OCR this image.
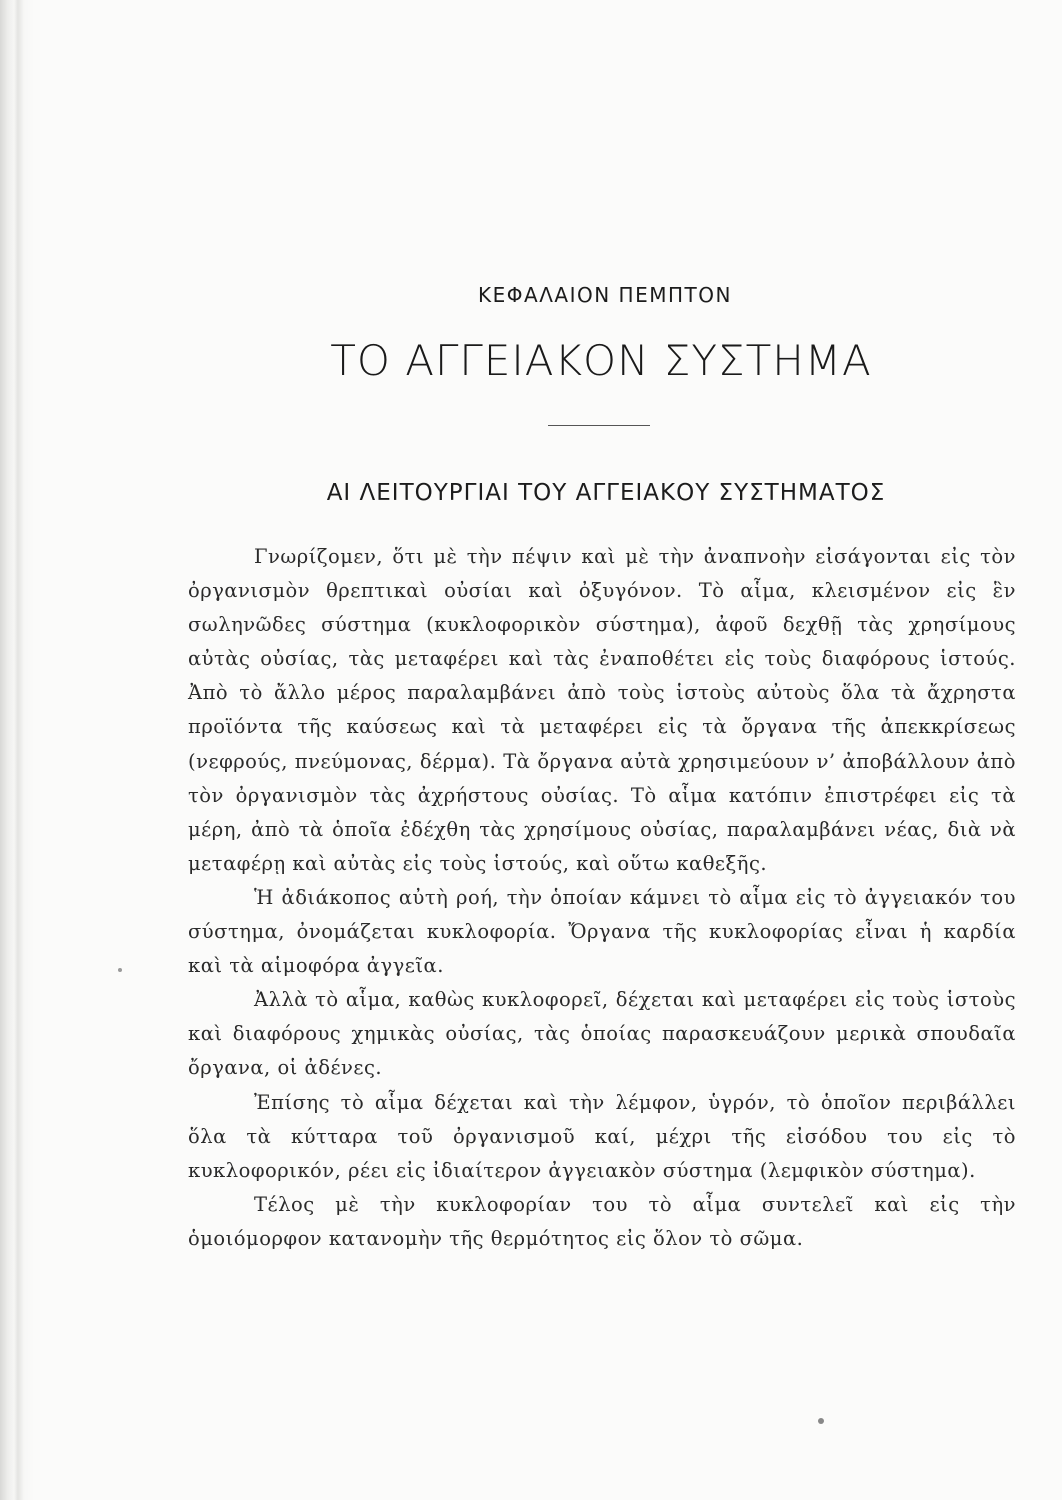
ΚΕΦΑΛΑΙΟΝ ΠΕΜΠΤΟΝ
ΤΟ ΑΓΓΕΙΑΚΟΝ ΣΥΣΤΗΜΑ
ΑΙ ΛΕΙΤΟΥΡΓΙΑΙ ΤΟΥ ΑΓΓΕΙΑΚΟΥ ΣΥΣΤΗΜΑΤΟΣ

Γνωρίζομεν, ὅτι μὲ τὴν πέψιν καὶ μὲ τὴν ἀναπνοὴν εἰσάγονται εἰς τὸν ὀργανισμὸν θρεπτικαὶ οὐσίαι καὶ ὀξυγόνον. Τὸ αἷμα, κλεισμένον εἰς ἓν σωληνῶδες σύστημα (κυκλοφορικὸν σύστημα), ἀφοῦ δεχθῇ τὰς χρησίμους αὐτὰς οὐσίας, τὰς μεταφέρει καὶ τὰς ἐναποθέτει εἰς τοὺς διαφόρους ἱστούς. Ἀπὸ τὸ ἄλλο μέρος παραλαμβάνει ἀπὸ τοὺς ἱστοὺς αὐτοὺς ὅλα τὰ ἄχρηστα προϊόντα τῆς καύσεως καὶ τὰ μεταφέρει εἰς τὰ ὄργανα τῆς ἀπεκκρίσεως (νεφρούς, πνεύμονας, δέρμα). Τὰ ὄργανα αὐτὰ χρησιμεύουν ν’ ἀποβάλλουν ἀπὸ τὸν ὀργανισμὸν τὰς ἀχρήστους οὐσίας. Τὸ αἷμα κατόπιν ἐπιστρέφει εἰς τὰ μέρη, ἀπὸ τὰ ὁποῖα ἐδέχθη τὰς χρησίμους οὐσίας, παραλαμβάνει νέας, διὰ νὰ μεταφέρῃ καὶ αὐτὰς εἰς τοὺς ἱστούς, καὶ οὕτω καθεξῆς.

Ἡ ἀδιάκοπος αὐτὴ ροή, τὴν ὁποίαν κάμνει τὸ αἷμα εἰς τὸ ἀγγειακόν του σύστημα, ὀνομάζεται κυκλοφορία. Ὄργανα τῆς κυκλοφορίας εἶναι ἡ καρδία καὶ τὰ αἱμοφόρα ἀγγεῖα.

Ἀλλὰ τὸ αἷμα, καθὼς κυκλοφορεῖ, δέχεται καὶ μεταφέρει εἰς τοὺς ἱστοὺς καὶ διαφόρους χημικὰς οὐσίας, τὰς ὁποίας παρασκευάζουν μερικὰ σπουδαῖα ὄργανα, οἱ ἀδένες.

Ἐπίσης τὸ αἷμα δέχεται καὶ τὴν λέμφον, ὑγρόν, τὸ ὁποῖον περιβάλλει ὅλα τὰ κύτταρα τοῦ ὀργανισμοῦ καί, μέχρι τῆς εἰσόδου του εἰς τὸ κυκλοφορικόν, ρέει εἰς ἰδιαίτερον ἀγγειακὸν σύστημα (λεμφικὸν σύστημα).

Τέλος μὲ τὴν κυκλοφορίαν του τὸ αἷμα συντελεῖ καὶ εἰς τὴν ὁμοιόμορφον κατανομὴν τῆς θερμότητος εἰς ὅλον τὸ σῶμα.
